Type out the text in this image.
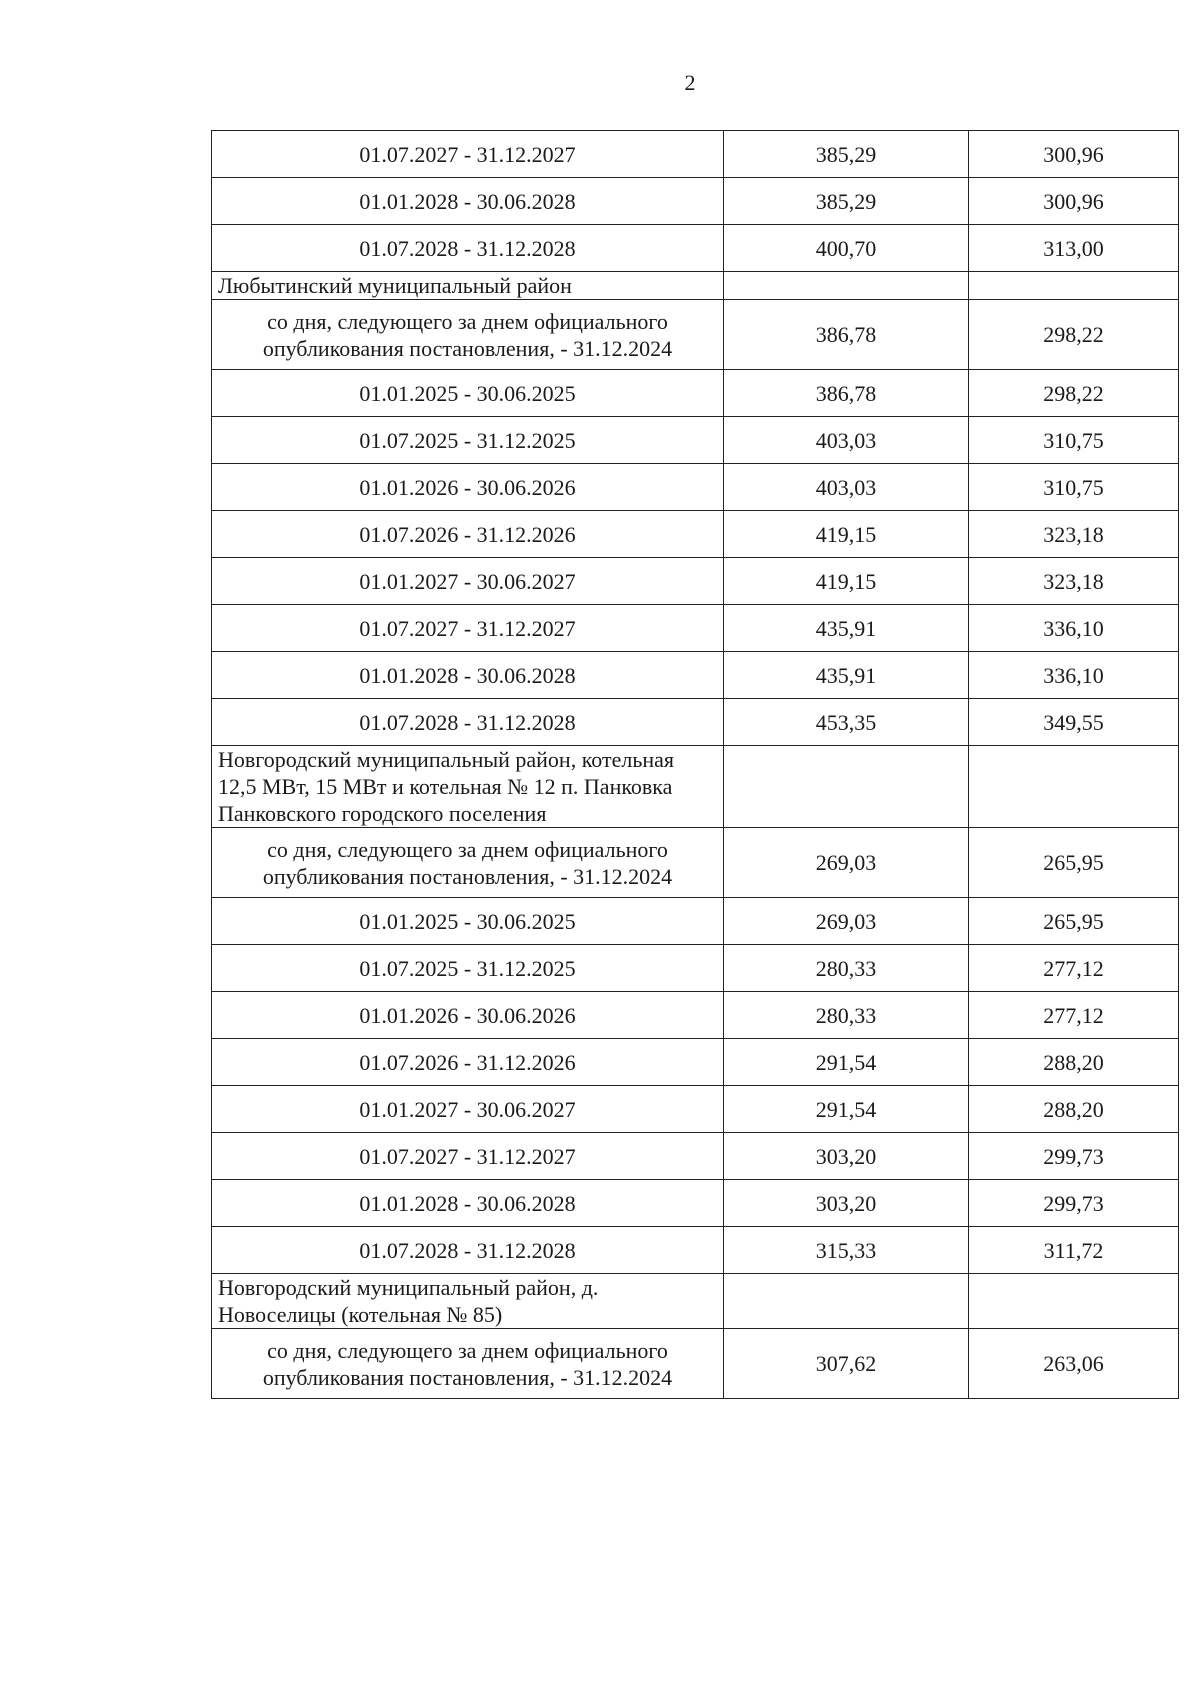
2
01.07.2027 - 31.12.2027	385,29	300,96
01.01.2028 - 30.06.2028	385,29	300,96
01.07.2028 - 31.12.2028	400,70	313,00
Любытинский муниципальный район		
со дня, следующего за днем официального опубликования постановления, - 31.12.2024	386,78	298,22
01.01.2025 - 30.06.2025	386,78	298,22
01.07.2025 - 31.12.2025	403,03	310,75
01.01.2026 - 30.06.2026	403,03	310,75
01.07.2026 - 31.12.2026	419,15	323,18
01.01.2027 - 30.06.2027	419,15	323,18
01.07.2027 - 31.12.2027	435,91	336,10
01.01.2028 - 30.06.2028	435,91	336,10
01.07.2028 - 31.12.2028	453,35	349,55
Новгородский муниципальный район, котельная 12,5 МВт, 15 МВт и котельная № 12 п. Панковка Панковского городского поселения		
со дня, следующего за днем официального опубликования постановления, - 31.12.2024	269,03	265,95
01.01.2025 - 30.06.2025	269,03	265,95
01.07.2025 - 31.12.2025	280,33	277,12
01.01.2026 - 30.06.2026	280,33	277,12
01.07.2026 - 31.12.2026	291,54	288,20
01.01.2027 - 30.06.2027	291,54	288,20
01.07.2027 - 31.12.2027	303,20	299,73
01.01.2028 - 30.06.2028	303,20	299,73
01.07.2028 - 31.12.2028	315,33	311,72
Новгородский муниципальный район, д. Новоселицы (котельная № 85)		
со дня, следующего за днем официального опубликования постановления, - 31.12.2024	307,62	263,06
